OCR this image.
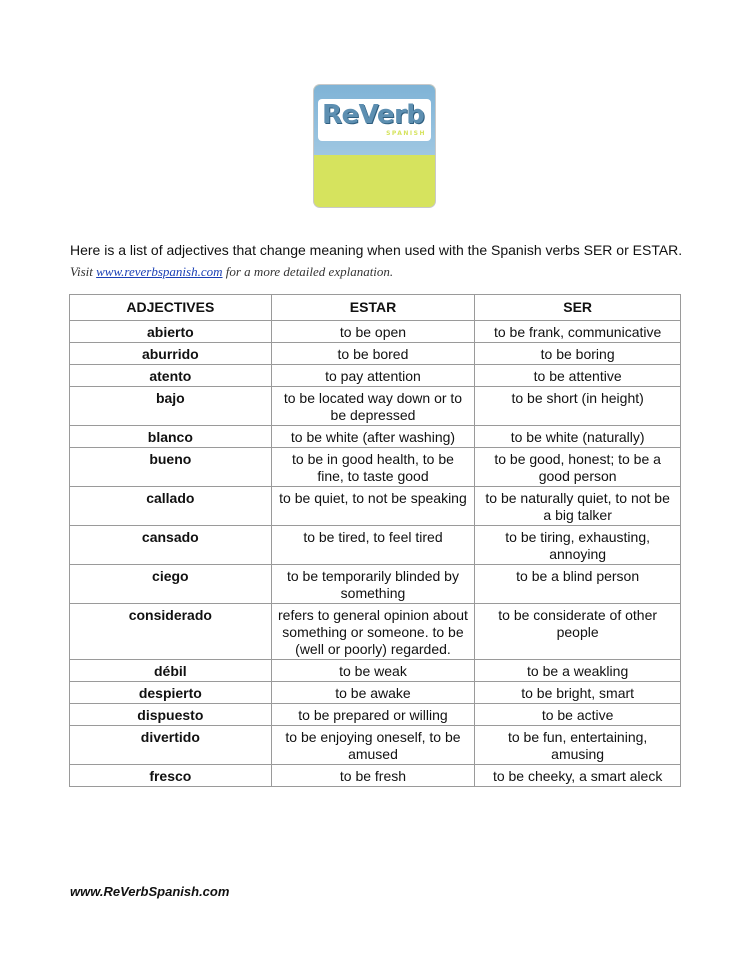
ReVerb
SPANISH

Here is a list of adjectives that change meaning when used with the Spanish verbs SER or ESTAR. Visit www.reverbspanish.com for a more detailed explanation.

ADJECTIVES	ESTAR	SER
abierto	to be open	to be frank, communicative
aburrido	to be bored	to be boring
atento	to pay attention	to be attentive
bajo	to be located way down or to be depressed	to be short (in height)
blanco	to be white (after washing)	to be white (naturally)
bueno	to be in good health, to be fine, to taste good	to be good, honest; to be a good person
callado	to be quiet, to not be speaking	to be naturally quiet, to not be a big talker
cansado	to be tired, to feel tired	to be tiring, exhausting, annoying
ciego	to be temporarily blinded by something	to be a blind person
considerado	refers to general opinion about something or someone. to be (well or poorly) regarded.	to be considerate of other people
débil	to be weak	to be a weakling
despierto	to be awake	to be bright, smart
dispuesto	to be prepared or willing	to be active
divertido	to be enjoying oneself, to be amused	to be fun, entertaining, amusing
fresco	to be fresh	to be cheeky, a smart aleck
www.ReVerbSpanish.com
